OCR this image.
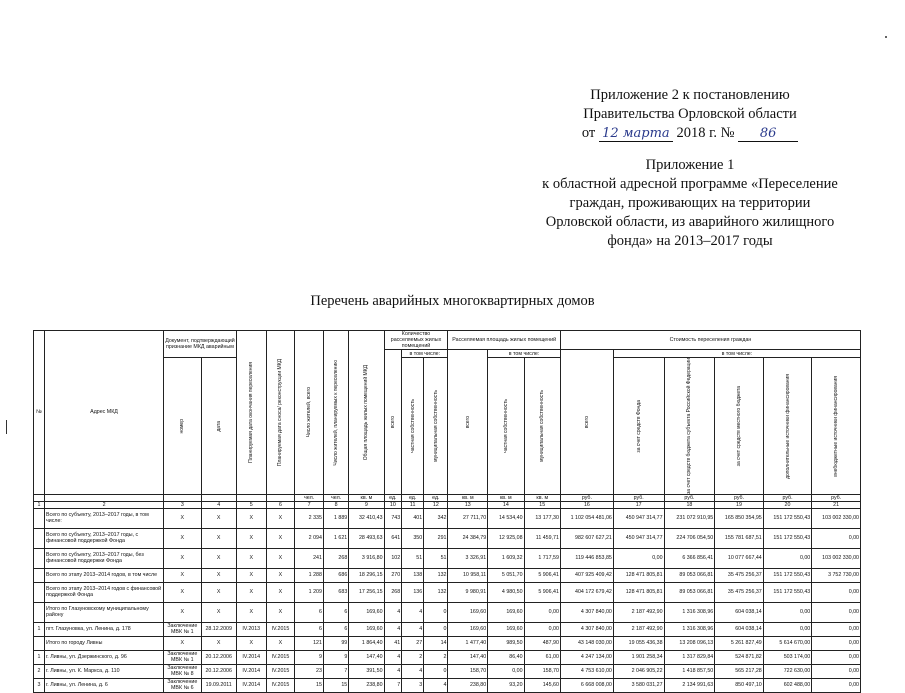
Приложение 2 к постановлению
Правительства Орловской области
от 12 марта 2018 г. № 86
Приложение 1
к областной адресной программе «Переселение
граждан, проживающих на территории
Орловской области, из аварийного жилищного
фонда» на 2013–2017 годы
Перечень аварийных многоквартирных домов
№	Адрес МКД	Документ, подтверждающий признание МКД аварийным		Планируемая дата окончания переселения	Планируемая дата сноса/ реконструкции МКД	Число жителей, всего	Число жителей, планируемых к переселению	Общая площадь жилых помещений МКД	Количество расселяемых жилых помещений			Расселяемая площадь жилых помещений			Стоимость переселения граждан					

									всего	в том числе:		всего	в том числе:		всего	в том числе:				

		номер	дата							частная собственность	муниципальная собственность		частная собственность	муниципальная собственность		за счет средств Фонда	за счет средств бюджета субъекта Российской Федерации	за счет средств местного бюджета	дополнительные источники финансирования	внебюджетные источники финансирования

						чел.	чел.	кв. м	ед.	ед.	ед.	кв. м	кв. м	кв. м	руб.	руб.	руб.	руб.	руб.	руб.
1	2	3	4	5	6	7	8	9	10	11	12	13	14	15	16	17	18	19	20	21
	Всего по субъекту, 2013–2017 годы, в том числе:	X	X	X	X	2 335	1 889	32 410,43	743	401	342	27 711,70	14 534,40	13 177,30	1 102 054 481,06	450 947 314,77	231 072 910,95	165 850 354,95	151 172 550,43	103 002 330,00
	Всего по субъекту, 2013–2017 годы, с финансовой поддержкой Фонда	X	X	X	X	2 094	1 621	28 493,63	641	350	291	24 384,79	12 925,08	11 459,71	982 607 627,21	450 947 314,77	224 706 054,50	155 781 687,51	151 172 550,43	0,00
	Всего по субъекту, 2013–2017 годы, без финансовой поддержки Фонда	X	X	X	X	241	268	3 916,80	102	51	51	3 326,91	1 609,32	1 717,59	119 446 853,85	0,00	6 366 856,41	10 077 667,44	0,00	103 002 330,00
	Всего по этапу 2013–2014 годов, в том числе	X	X	X	X	1 288	686	18 296,15	270	138	132	10 958,11	5 051,70	5 906,41	407 925 409,42	128 471 805,81	89 053 066,81	35 475 256,37	151 172 550,43	3 752 730,00
	Всего по этапу 2013–2014 годов с финансовой поддержкой Фонда	X	X	X	X	1 209	683	17 256,15	268	136	132	9 980,91	4 980,50	5 906,41	404 172 679,42	128 471 805,81	89 053 066,81	35 475 256,37	151 172 550,43	0,00
	Итого по Глазуновскому муниципальному району	X	X	X	X	6	6	169,60	4	4	0	169,60	169,60	0,00	4 307 840,00	2 187 492,90	1 316 308,96	604 038,14	0,00	0,00
1	пгт. Глазуновка, ул. Ленина, д. 178	Заключение МВК № 1	28.12.2009	IV.2013	IV.2015	6	6	169,60	4	4	0	169,60	169,60	0,00	4 307 840,00	2 187 492,90	1 316 308,96	604 038,14	0,00	0,00
	Итого по городу Ливны	X	X	X	X	121	99	1 864,40	41	27	14	1 477,40	989,50	487,90	43 148 030,00	19 055 436,38	13 208 096,13	5 261 827,49	5 614 670,00	0,00
1	г. Ливны, ул. Дзержинского, д. 96	Заключение МВК № 1	20.12.2006	IV.2014	IV.2015	9	9	147,40	4	2	2	147,40	86,40	61,00	4 247 134,00	1 901 258,34	1 317 829,84	524 871,82	503 174,00	0,00
2	г. Ливны, ул. К. Маркса, д. 110	Заключение МВК № 8	20.12.2006	IV.2014	IV.2015	23	7	391,50	4	4	0	158,70	0,00	158,70	4 753 610,00	2 046 905,22	1 418 857,50	565 217,28	722 630,00	0,00
3	г. Ливны, ул. Ленина, д. 6	Заключение МВК № 6	19.09.2011	IV.2014	IV.2015	15	15	238,80	7	3	4	238,80	93,20	145,60	6 668 008,00	3 580 031,27	2 134 991,63	850 497,10	602 488,00	0,00
